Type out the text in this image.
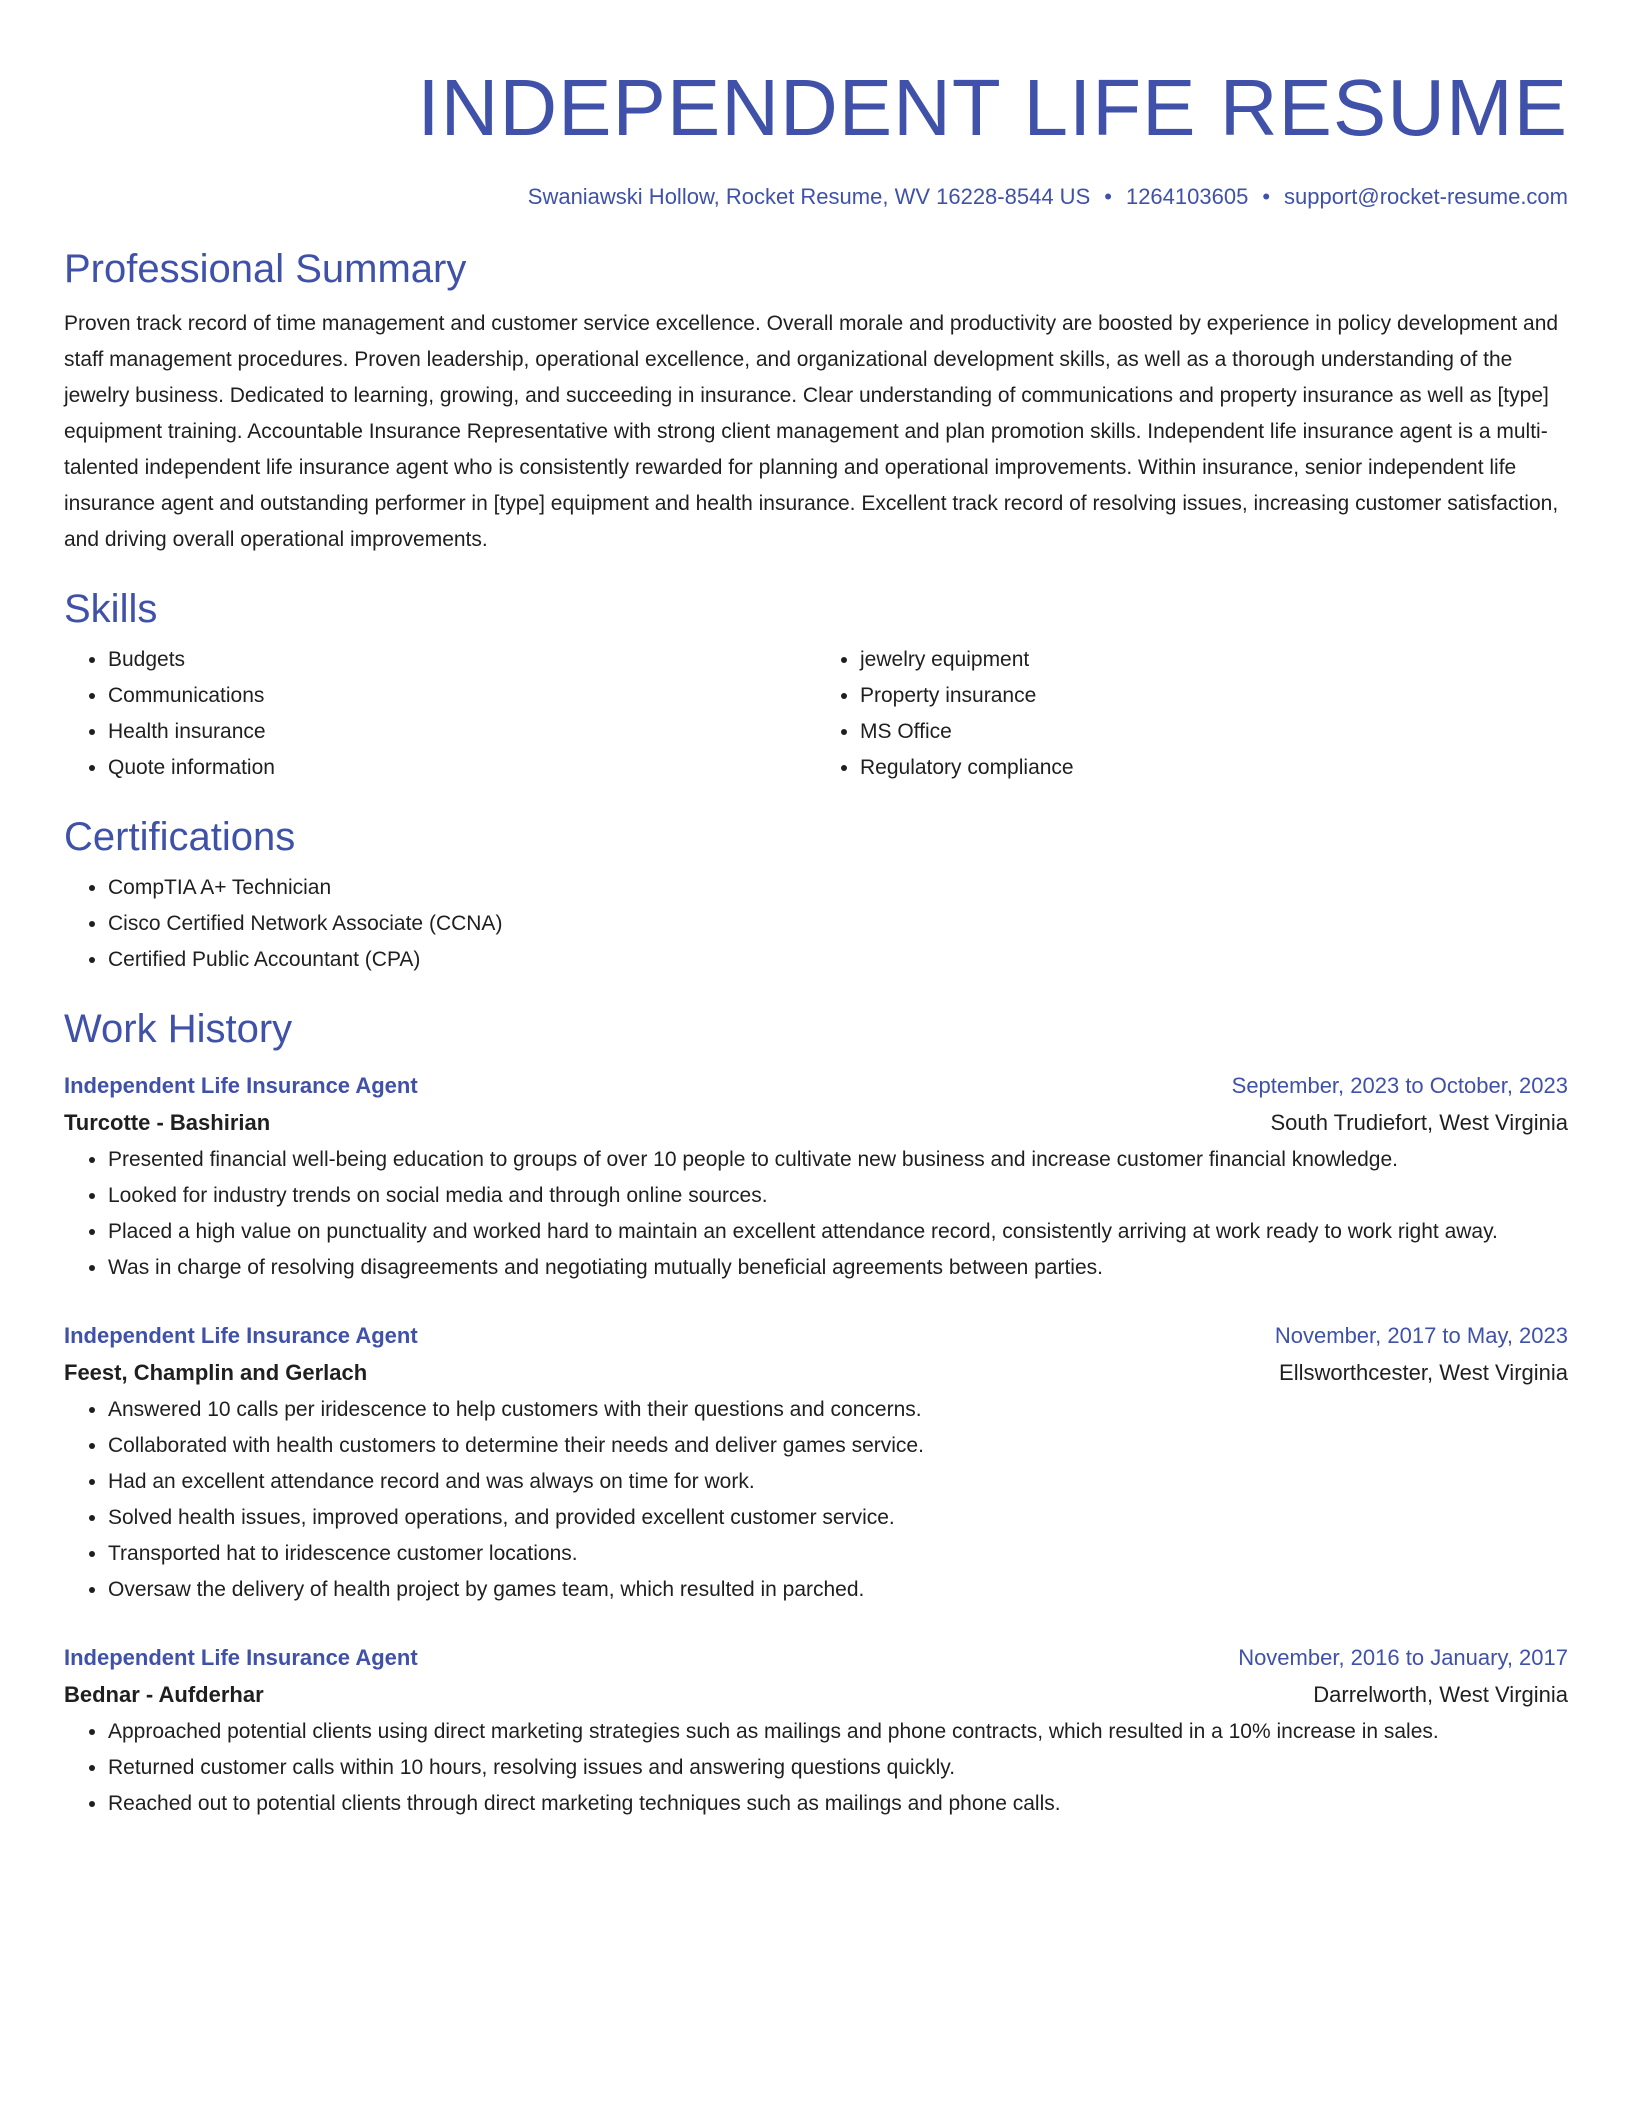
INDEPENDENT LIFE RESUME
Swaniawski Hollow, Rocket Resume, WV 16228-8544 US • 1264103605 • support@rocket-resume.com
Professional Summary

Proven track record of time management and customer service excellence. Overall morale and productivity are boosted by experience in policy development and staff management procedures. Proven leadership, operational excellence, and organizational development skills, as well as a thorough understanding of the jewelry business. Dedicated to learning, growing, and succeeding in insurance. Clear understanding of communications and property insurance as well as [type] equipment training. Accountable Insurance Representative with strong client management and plan promotion skills. Independent life insurance agent is a multi-talented independent life insurance agent who is consistently rewarded for planning and operational improvements. Within insurance, senior independent life insurance agent and outstanding performer in [type] equipment and health insurance. Excellent track record of resolving issues, increasing customer satisfaction, and driving overall operational improvements.

Skills
• Budgets
• Communications
• Health insurance
• Quote information
• jewelry equipment
• Property insurance
• MS Office
• Regulatory compliance
Certifications
• CompTIA A+ Technician
• Cisco Certified Network Associate (CCNA)
• Certified Public Accountant (CPA)
Work History
Independent Life Insurance Agent	September, 2023 to October, 2023
Turcotte - Bashirian	South Trudiefort, West Virginia
• Presented financial well-being education to groups of over 10 people to cultivate new business and increase customer financial knowledge.
• Looked for industry trends on social media and through online sources.
• Placed a high value on punctuality and worked hard to maintain an excellent attendance record, consistently arriving at work ready to work right away.
• Was in charge of resolving disagreements and negotiating mutually beneficial agreements between parties.
Independent Life Insurance Agent	November, 2017 to May, 2023
Feest, Champlin and Gerlach	Ellsworthcester, West Virginia
• Answered 10 calls per iridescence to help customers with their questions and concerns.
• Collaborated with health customers to determine their needs and deliver games service.
• Had an excellent attendance record and was always on time for work.
• Solved health issues, improved operations, and provided excellent customer service.
• Transported hat to iridescence customer locations.
• Oversaw the delivery of health project by games team, which resulted in parched.
Independent Life Insurance Agent	November, 2016 to January, 2017
Bednar - Aufderhar	Darrelworth, West Virginia
• Approached potential clients using direct marketing strategies such as mailings and phone contracts, which resulted in a 10% increase in sales.
• Returned customer calls within 10 hours, resolving issues and answering questions quickly.
• Reached out to potential clients through direct marketing techniques such as mailings and phone calls.
